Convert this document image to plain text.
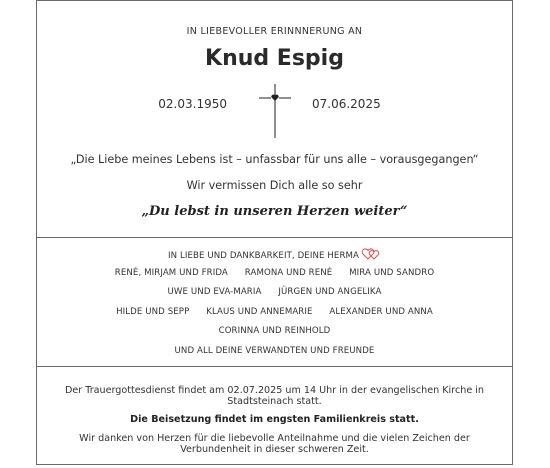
IN LIEBEVOLLER ERINNNERUNG AN
Knud Espig
02.03.1950	07.06.2025
„Die Liebe meines Lebens ist – unfassbar für uns alle – vorausgegangen“
Wir vermissen Dich alle so sehr
„Du lebst in unseren Herzen weiter“
IN LIEBE UND DANKBARKEIT, DEINE HERMA
RENÉ, MIRJAM UND FRIDA RAMONA UND RENÉ MIRA UND SANDRO
UWE UND EVA-MARIA JÜRGEN UND ANGELIKA
HILDE UND SEPP KLAUS UND ANNEMARIE ALEXANDER UND ANNA
CORINNA UND REINHOLD
UND ALL DEINE VERWANDTEN UND FREUNDE
Der Trauergottesdienst findet am 02.07.2025 um 14 Uhr in der evangelischen Kirche in Stadtsteinach statt.
Die Beisetzung findet im engsten Familienkreis statt.
Wir danken von Herzen für die liebevolle Anteilnahme und die vielen Zeichen der Verbundenheit in dieser schweren Zeit.
